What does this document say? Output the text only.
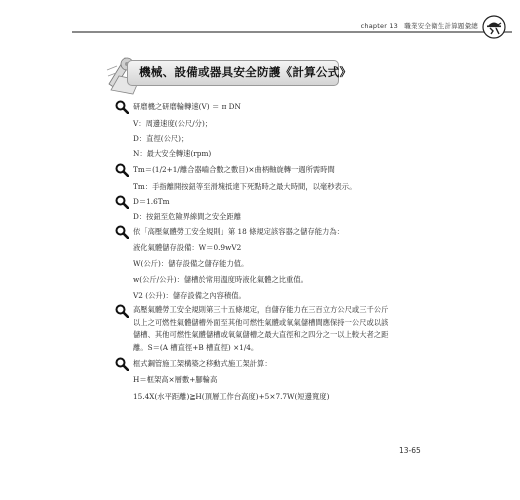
chapter 13 職業安全衛生計算題彙總
機械、設備或器具安全防護《計算公式》
研磨機之研磨輪轉速(V) ＝ π DN
V：周邊速度(公尺/分)；
D：直徑(公尺)；
N：最大安全轉速(rpm)
Tm＝(1/2+1/離合器嚙合數之數目)×曲柄軸旋轉一週所需時間
Tm：手指離開按鈕等至滑塊抵達下死點時之最大時間，以毫秒表示。
D＝1.6Tm
D：按鈕至危險界線間之安全距離
依「高壓氣體勞工安全規則」第 18 條規定該容器之儲存能力為：
液化氣體儲存設備：W＝0.9wV2
W(公斤)：儲存設備之儲存能力值。
w(公斤/公升)：儲槽於常用溫度時液化氣體之比重值。
V2 (公升)：儲存設備之內容積值。
高壓氣體勞工安全規則第三十五條規定，自儲存能力在三百立方公尺或三千公斤
以上之可燃性氣體儲槽外面至其他可燃性氣體或氧氣儲槽間應保持一公尺或以該
儲槽、其他可燃性氣體儲槽或氧氣儲槽之最大直徑和之四分之一以上較大者之距
離。S＝(A 槽直徑+B 槽直徑) ×1/4。
框式鋼管施工架構築之移動式施工架計算：
H＝框架高×層數+腳輪高
15.4X(水平距離)≧H(頂層工作台高度)+5×7.7W(短邊寬度)
13-65
